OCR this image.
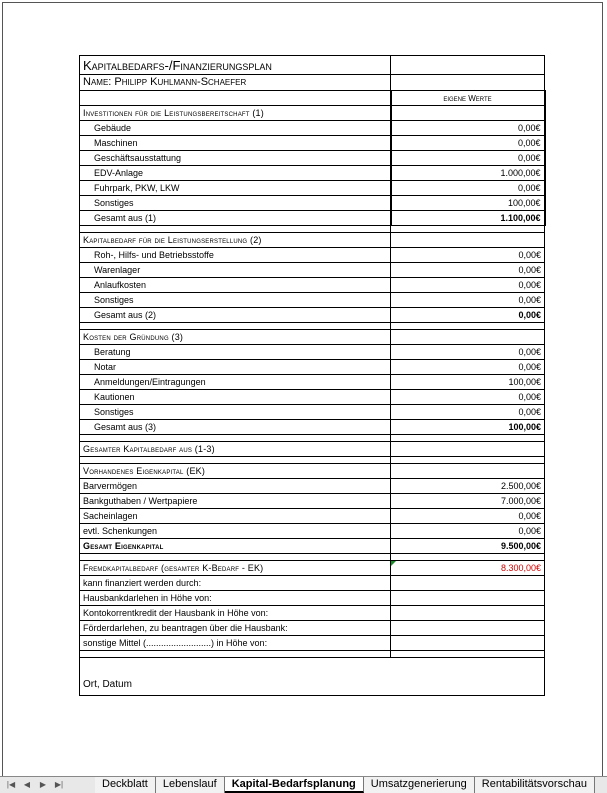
Kapitalbedarfs-/Finanzierungsplan	
Name: Philipp Kuhlmann-Schaefer	
	eigene Werte
Investitionen für die Leistungsbereitschaft (1)	
Gebäude	0,00€
Maschinen	0,00€
Geschäftsausstattung	0,00€
EDV-Anlage	1.000,00€
Fuhrpark, PKW, LKW	0,00€
Sonstiges	100,00€
Gesamt aus (1)	1.100,00€

Kapitalbedarf für die Leistungserstellung (2)	
Roh-, Hilfs- und Betriebsstoffe	0,00€
Warenlager	0,00€
Anlaufkosten	0,00€
Sonstiges	0,00€
Gesamt aus (2)	0,00€

Kosten der Gründung (3)	
Beratung	0,00€
Notar	0,00€
Anmeldungen/Eintragungen	100,00€
Kautionen	0,00€
Sonstiges	0,00€
Gesamt aus (3)	100,00€

Gesamter Kapitalbedarf aus (1-3)	

Vorhandenes Eigenkapital (EK)	
Barvermögen	2.500,00€
Bankguthaben / Wertpapiere	7.000,00€
Sacheinlagen	0,00€
evtl. Schenkungen	0,00€
Gesamt Eigenkapital	9.500,00€

Fremdkapitalbedarf (gesamter K-Bedarf - EK)	8.300,00€
kann finanziert werden durch:	
Hausbankdarlehen in Höhe von:	
Kontokorrentkredit der Hausbank in Höhe von:	
Förderdarlehen, zu beantragen über die Hausbank:	
sonstige Mittel (..........................) in Höhe von:	

Ort, Datum	
|◀	◀	▶	▶|	Deckblatt	Lebenslauf	Kapital-Bedarfsplanung	Umsatzgenerierung	Rentabilitätsvorschau
